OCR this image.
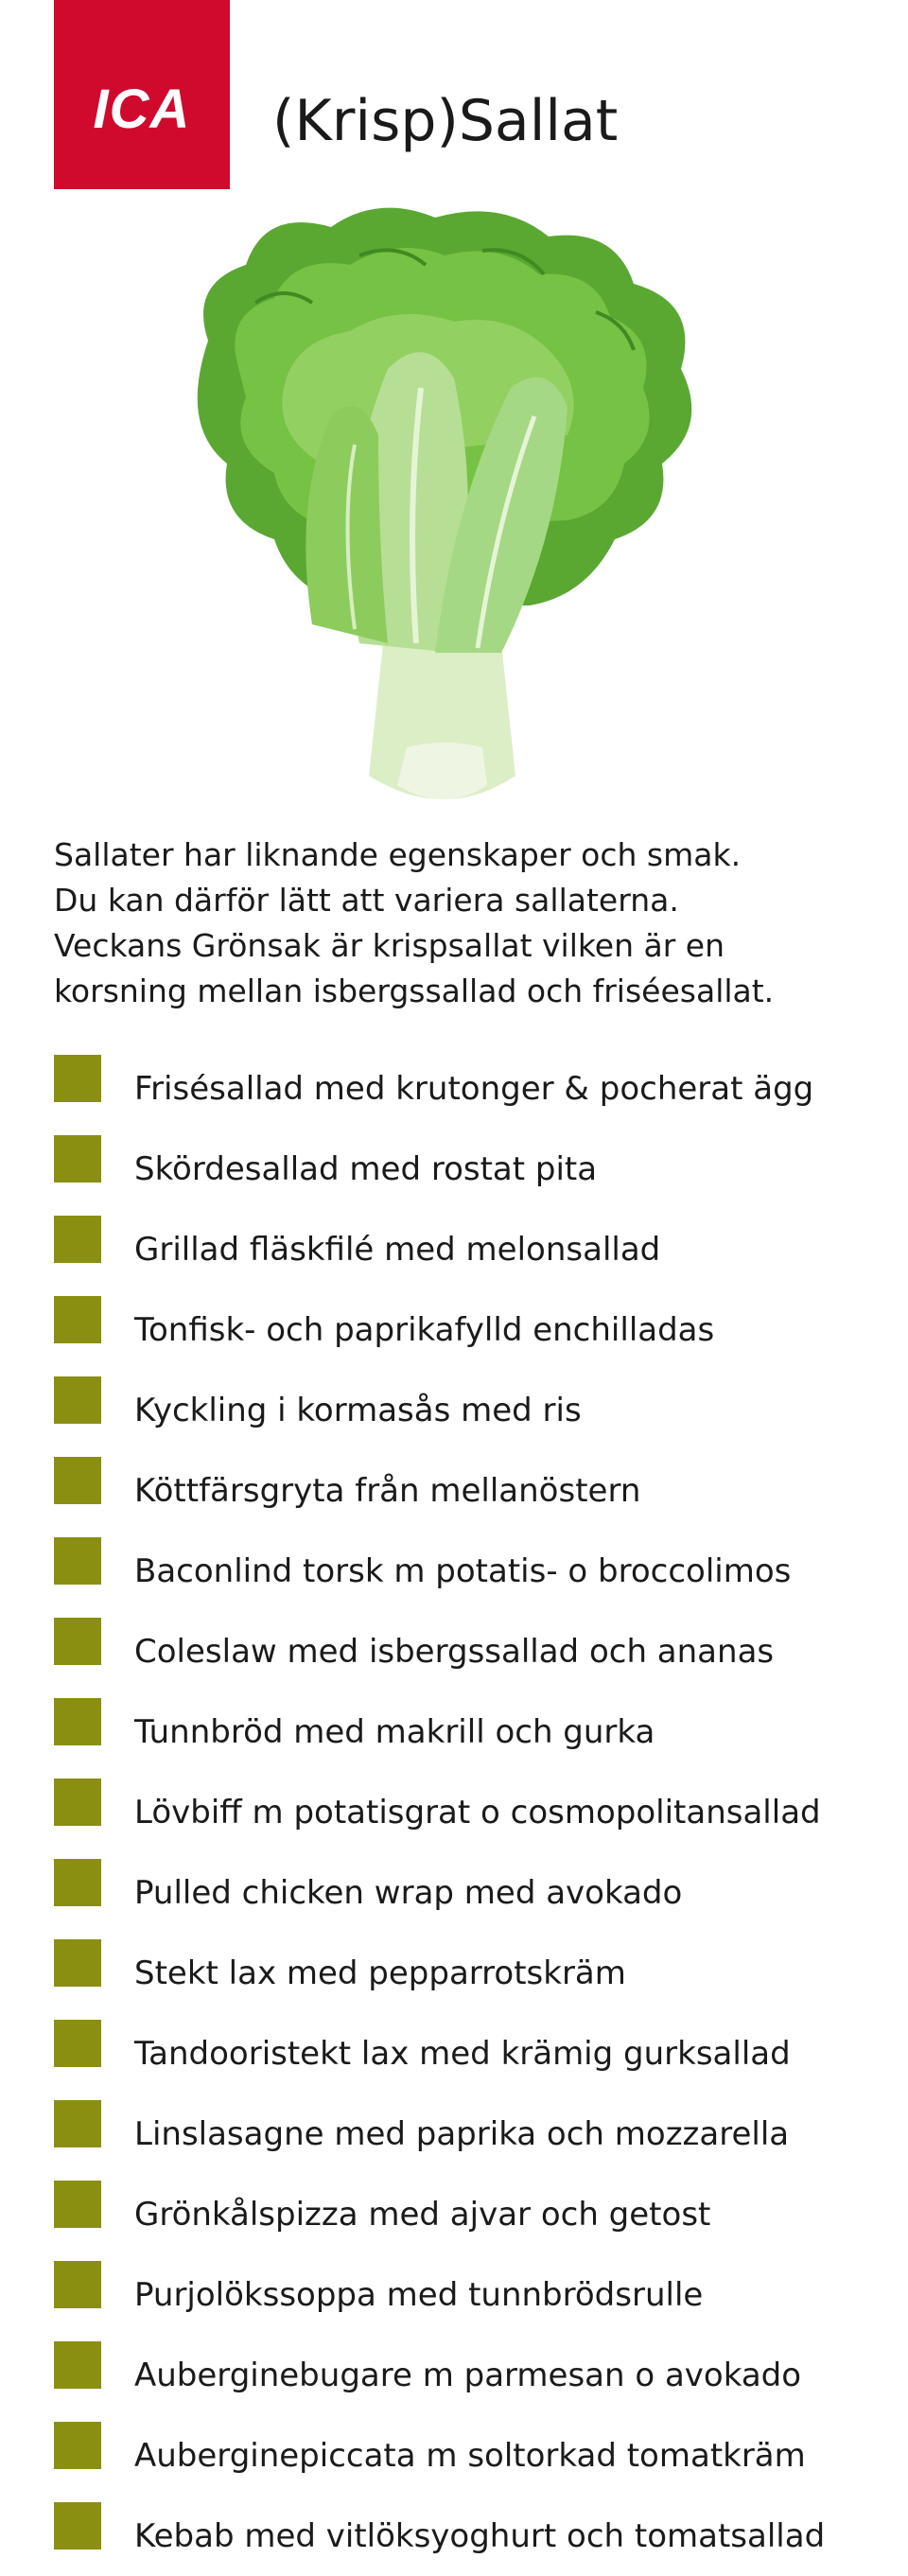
ICA (Krisp)Sallat

Sallater har liknande egenskaper och smak.

Du kan därför lätt att variera sallaterna.

Veckans Grönsak är krispsallat vilken är en

korsning mellan isbergssallad och friséesallat.

Frisésallad med krutonger & pocherat ägg
Skördesallad med rostat pita
Grillad fläskfilé med melonsallad
Tonfisk- och paprikafylld enchilladas
Kyckling i kormasås med ris
Köttfärsgryta från mellanöstern
Baconlind torsk m potatis- o broccolimos
Coleslaw med isbergssallad och ananas
Tunnbröd med makrill och gurka
Lövbiff m potatisgrat o cosmopolitansallad
Pulled chicken wrap med avokado
Stekt lax med pepparrotskräm
Tandooristekt lax med krämig gurksallad
Linslasagne med paprika och mozzarella
Grönkålspizza med ajvar och getost
Purjolökssoppa med tunnbrödsrulle
Auberginebugare m parmesan o avokado
Auberginepiccata m soltorkad tomatkräm
Kebab med vitlöksyoghurt och tomatsallad
